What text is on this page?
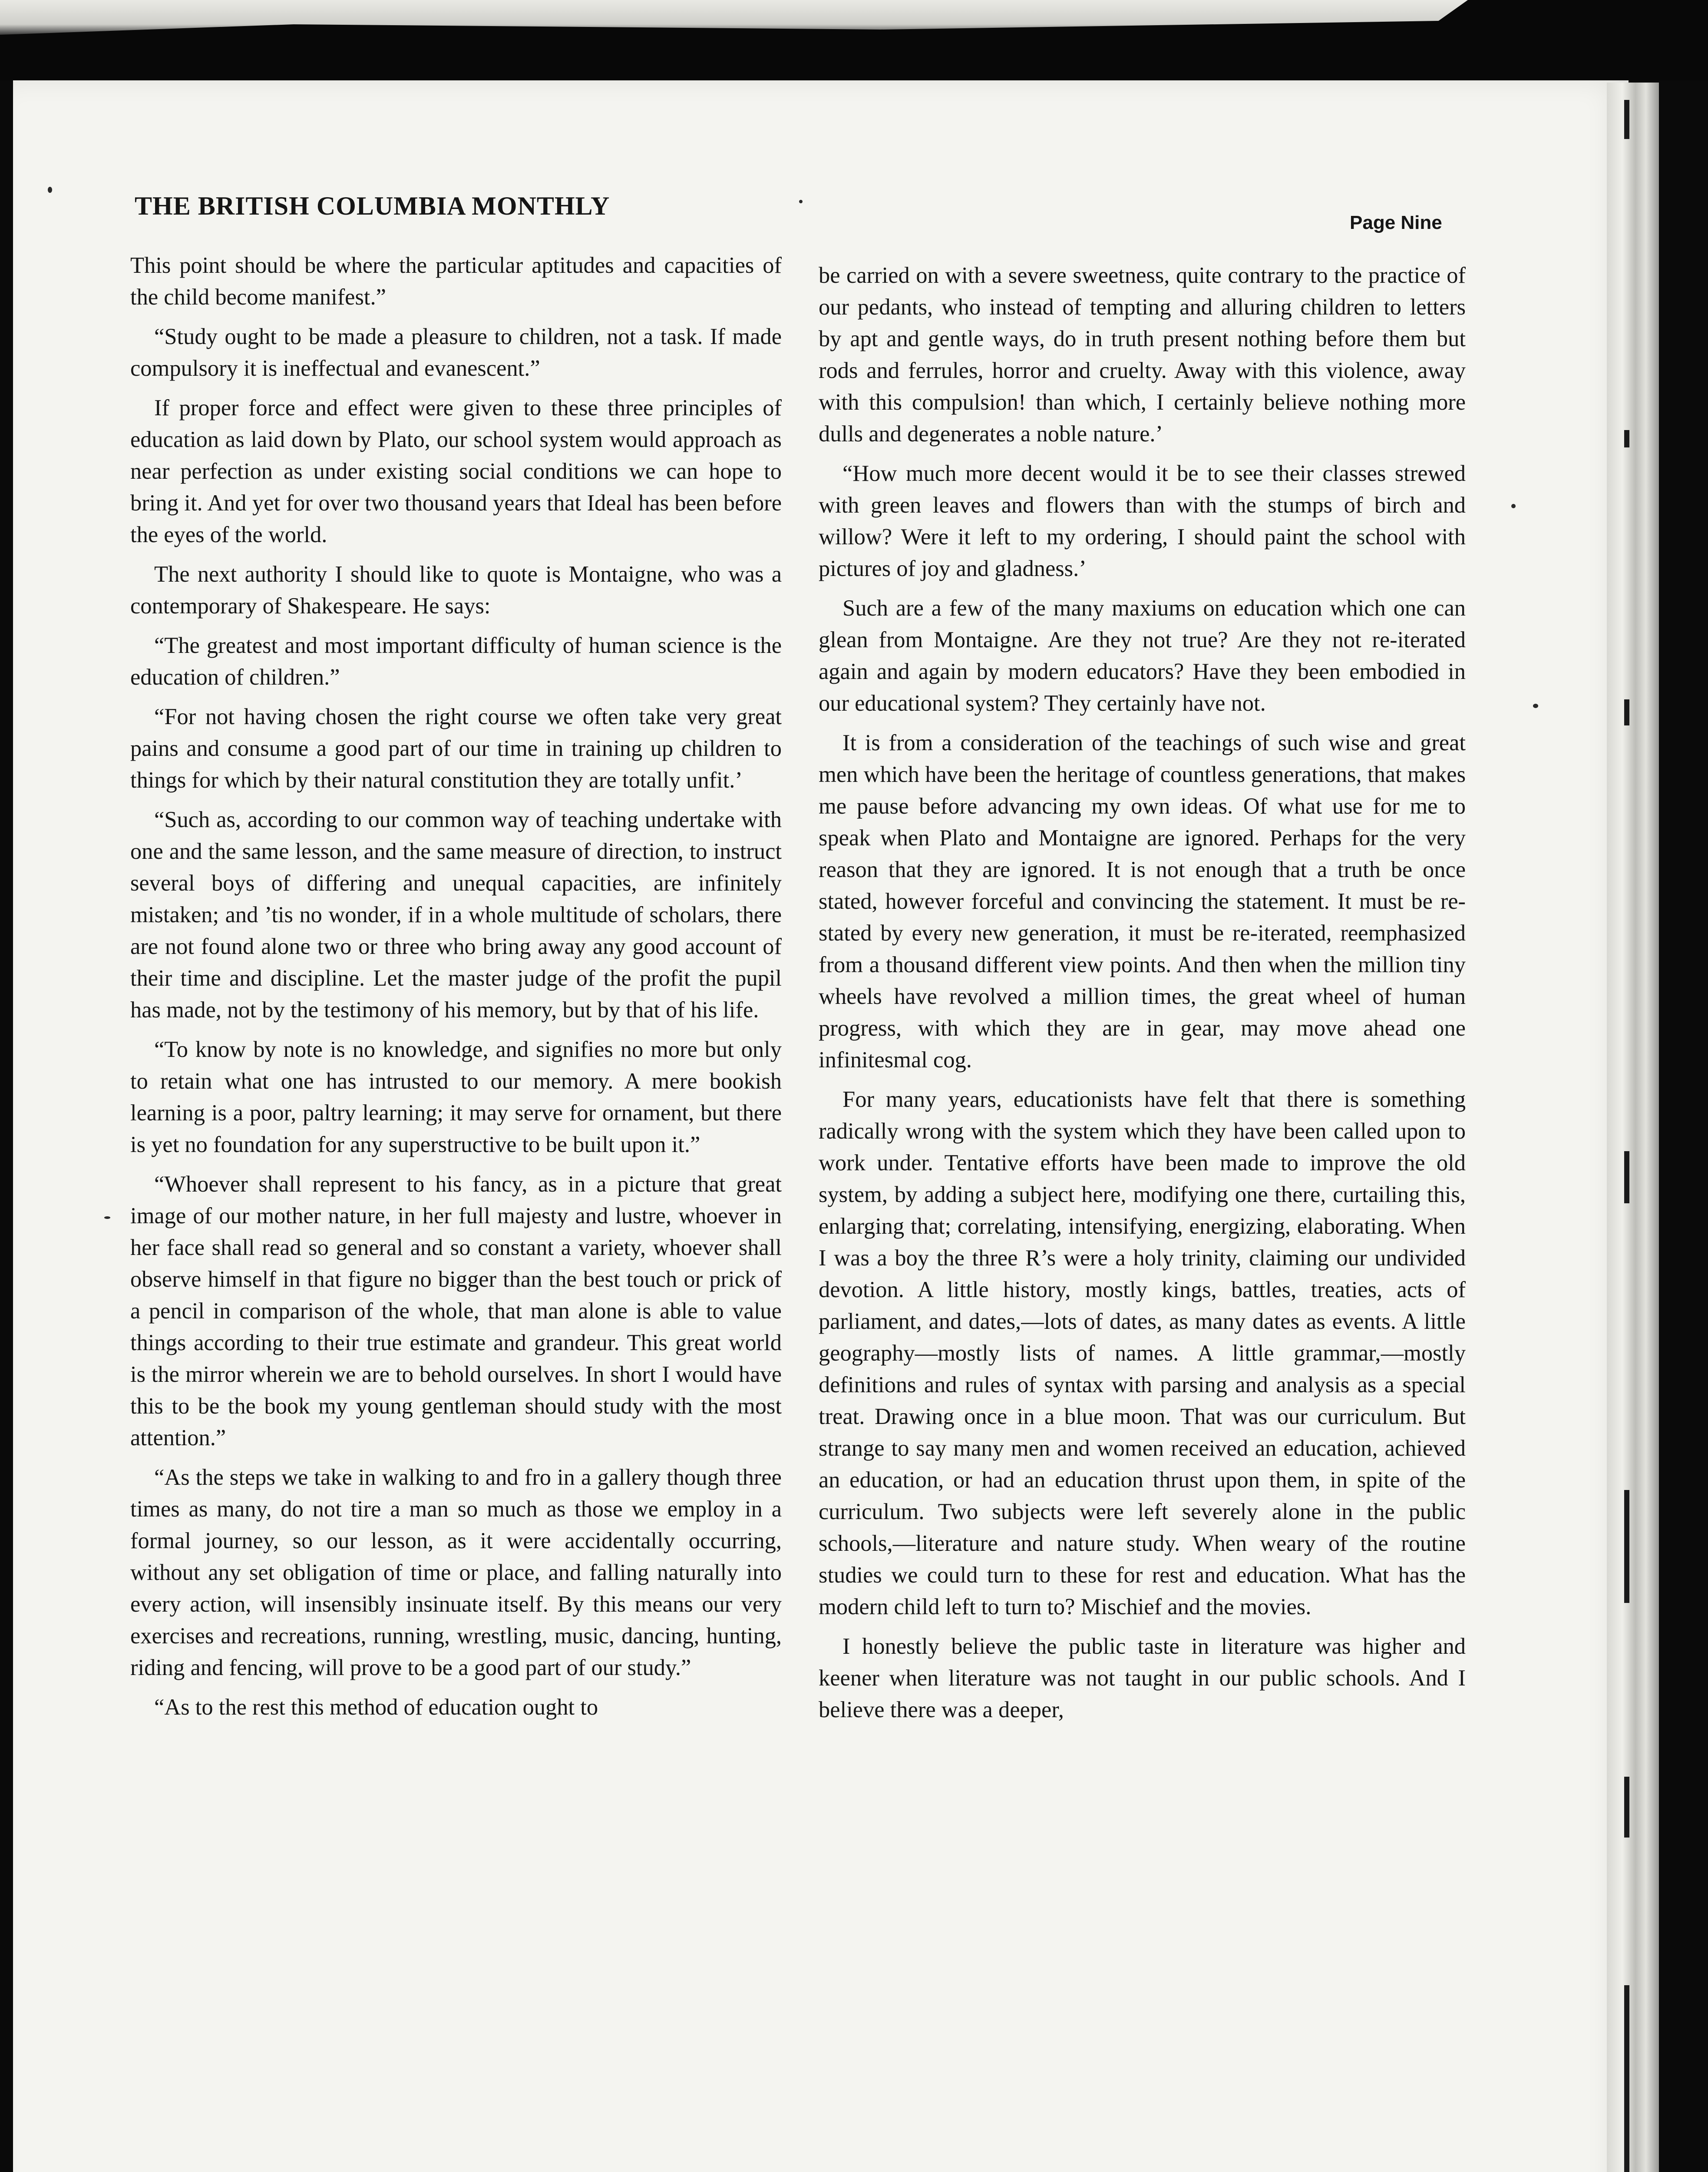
THE BRITISH COLUMBIA MONTHLY
Page Nine

This point should be where the particular aptitudes and capacities of the child become manifest.”

“Study ought to be made a pleasure to children, not a task. If made compulsory it is ineffectual and evanescent.”

If proper force and effect were given to these three principles of education as laid down by Plato, our school system would approach as near perfection as under existing social conditions we can hope to bring it. And yet for over two thousand years that Ideal has been before the eyes of the world.

The next authority I should like to quote is Montaigne, who was a contemporary of Shakespeare. He says:

“The greatest and most important difficulty of human science is the education of children.”

“For not having chosen the right course we often take very great pains and consume a good part of our time in training up children to things for which by their natural constitution they are totally unfit.’

“Such as, according to our common way of teaching undertake with one and the same lesson, and the same measure of direction, to instruct several boys of differing and unequal capacities, are infinitely mistaken; and ’tis no wonder, if in a whole multitude of scholars, there are not found alone two or three who bring away any good account of their time and discipline. Let the master judge of the profit the pupil has made, not by the testimony of his memory, but by that of his life.

“To know by note is no knowledge, and signifies no more but only to retain what one has intrusted to our memory. A mere bookish learning is a poor, paltry learning; it may serve for ornament, but there is yet no foundation for any superstructive to be built upon it.”

“Whoever shall represent to his fancy, as in a picture that great image of our mother nature, in her full majesty and lustre, whoever in her face shall read so general and so constant a variety, whoever shall observe himself in that figure no bigger than the best touch or prick of a pencil in comparison of the whole, that man alone is able to value things according to their true estimate and grandeur. This great world is the mirror wherein we are to behold ourselves. In short I would have this to be the book my young gentleman should study with the most attention.”

“As the steps we take in walking to and fro in a gallery though three times as many, do not tire a man so much as those we employ in a formal journey, so our lesson, as it were accidentally occurring, without any set obligation of time or place, and falling naturally into every action, will insensibly insinuate itself. By this means our very exercises and recreations, running, wrestling, music, dancing, hunting, riding and fencing, will prove to be a good part of our study.”

“As to the rest this method of education ought to

be carried on with a severe sweetness, quite contrary to the practice of our pedants, who instead of tempting and alluring children to letters by apt and gentle ways, do in truth present nothing before them but rods and ferrules, horror and cruelty. Away with this violence, away with this compulsion! than which, I certainly believe nothing more dulls and degenerates a noble nature.’

“How much more decent would it be to see their classes strewed with green leaves and flowers than with the stumps of birch and willow? Were it left to my ordering, I should paint the school with pictures of joy and gladness.’

Such are a few of the many maxiums on education which one can glean from Montaigne. Are they not true? Are they not re-iterated again and again by modern educators? Have they been embodied in our educational system? They certainly have not.

It is from a consideration of the teachings of such wise and great men which have been the heritage of countless generations, that makes me pause before advancing my own ideas. Of what use for me to speak when Plato and Montaigne are ignored. Perhaps for the very reason that they are ignored. It is not enough that a truth be once stated, however forceful and convincing the statement. It must be re-stated by every new generation, it must be re-iterated, reemphasized from a thousand different view points. And then when the million tiny wheels have revolved a million times, the great wheel of human progress, with which they are in gear, may move ahead one infinitesmal cog.

For many years, educationists have felt that there is something radically wrong with the system which they have been called upon to work under. Tentative efforts have been made to improve the old system, by adding a subject here, modifying one there, curtailing this, enlarging that; correlating, intensifying, energizing, elaborating. When I was a boy the three R’s were a holy trinity, claiming our undivided devotion. A little history, mostly kings, battles, treaties, acts of parliament, and dates,—lots of dates, as many dates as events. A little geography—mostly lists of names. A little grammar,—mostly definitions and rules of syntax with parsing and analysis as a special treat. Drawing once in a blue moon. That was our curriculum. But strange to say many men and women received an education, achieved an education, or had an education thrust upon them, in spite of the curriculum. Two subjects were left severely alone in the public schools,—literature and nature study. When weary of the routine studies we could turn to these for rest and education. What has the modern child left to turn to? Mischief and the movies.

I honestly believe the public taste in literature was higher and keener when literature was not taught in our public schools. And I believe there was a deeper,
